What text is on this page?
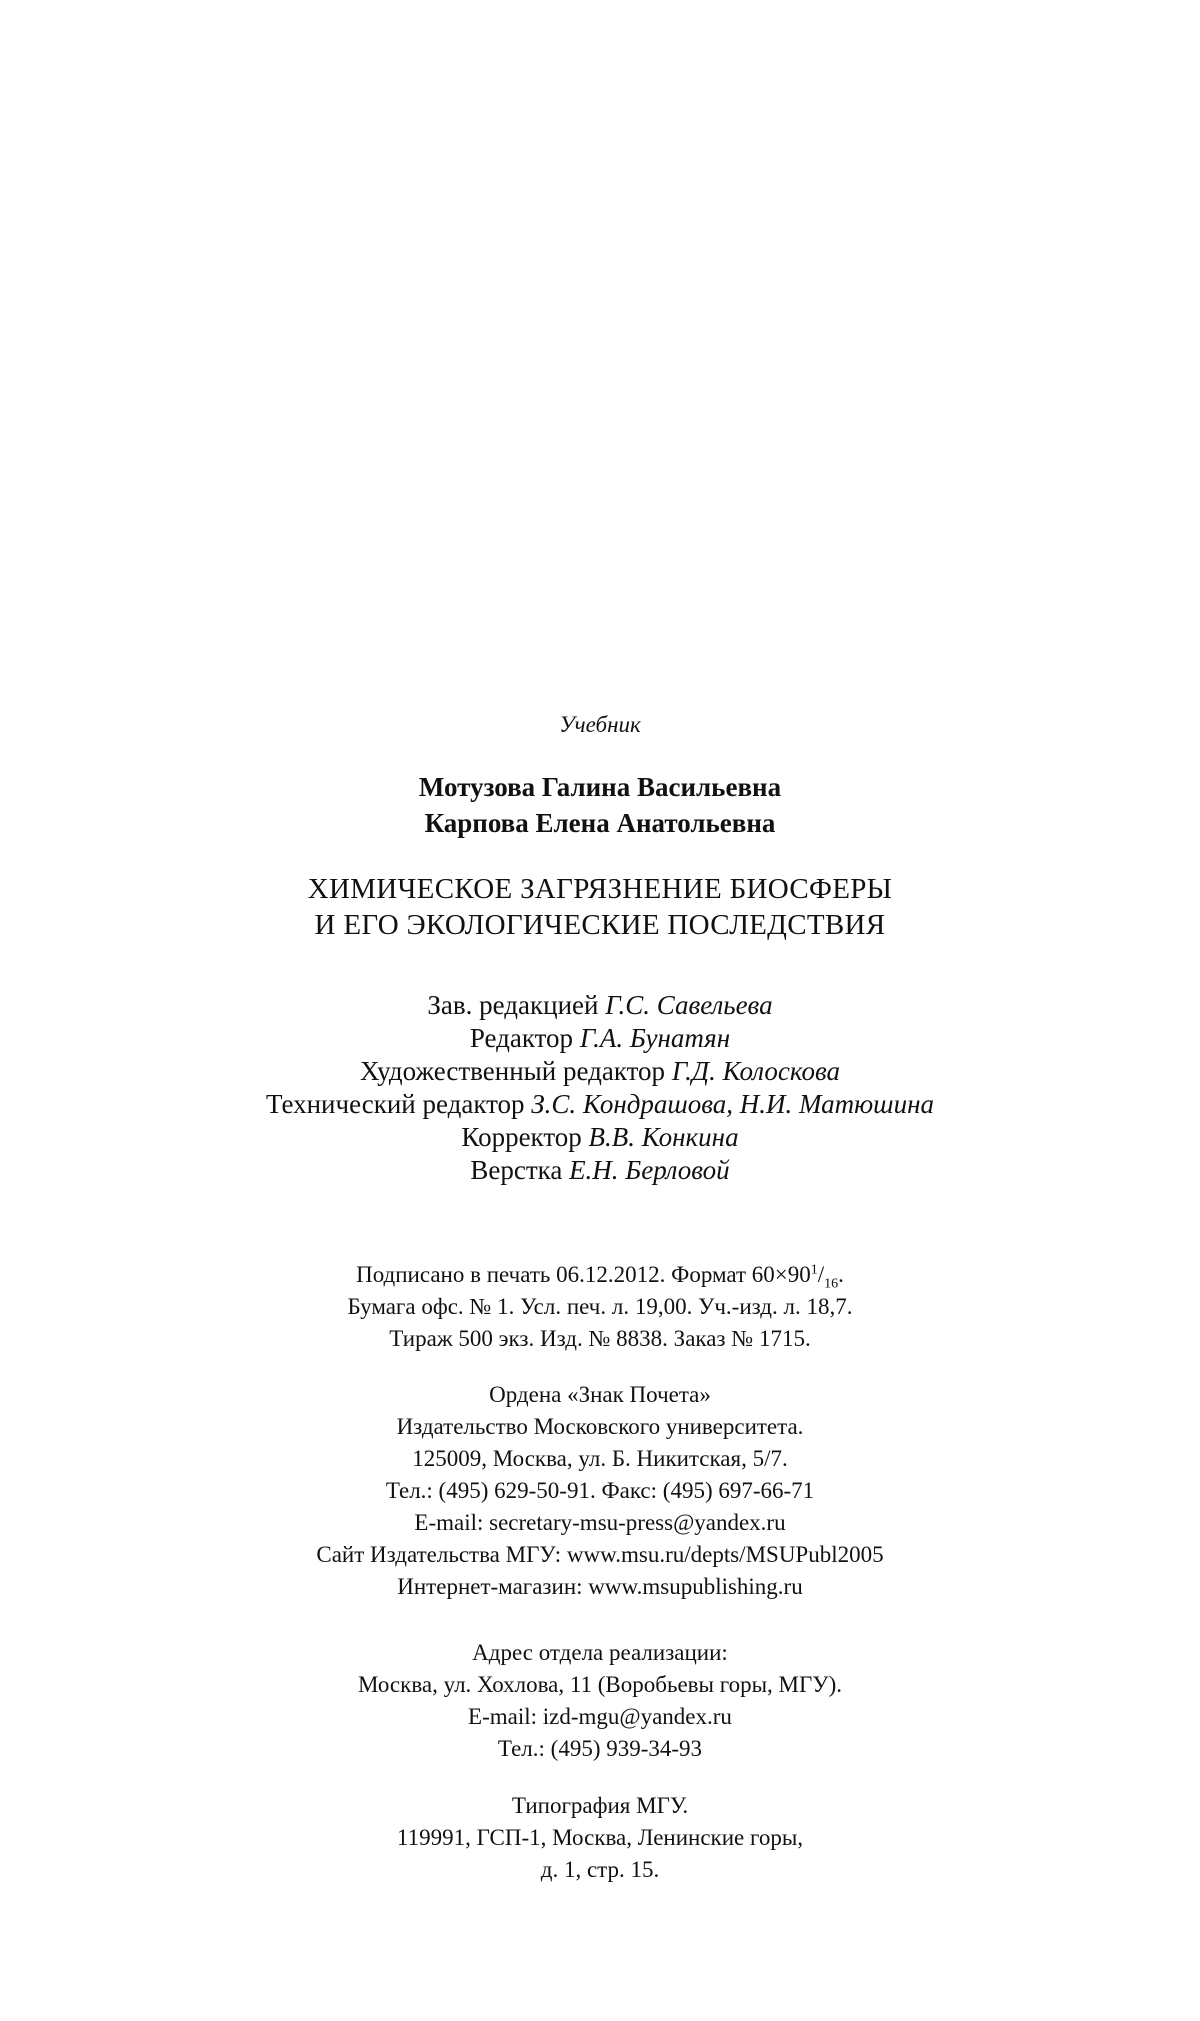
Учебник
Мотузова Галина Васильевна
Карпова Елена Анатольевна
ХИМИЧЕСКОЕ ЗАГРЯЗНЕНИЕ БИОСФЕРЫ
И ЕГО ЭКОЛОГИЧЕСКИЕ ПОСЛЕДСТВИЯ
Зав. редакцией Г.С. Савельева
Редактор Г.А. Бунатян
Художественный редактор Г.Д. Колоскова
Технический редактор З.С. Кондрашова, Н.И. Матюшина
Корректор В.В. Конкина
Верстка Е.Н. Берловой
Подписано в печать 06.12.2012. Формат $60\times 90^1/_{16}$.
Бумага офс. № 1. Усл. печ. л. 19,00. Уч.-изд. л. 18,7.
Тираж 500 экз. Изд. № 8838. Заказ № 1715.
Ордена «Знак Почета»
Издательство Московского университета.
125009, Москва, ул. Б. Никитская, 5/7.
Тел.: (495) 629-50-91. Факс: (495) 697-66-71
E-mail: secretary-msu-press@yandex.ru
Сайт Издательства МГУ: www.msu.ru/depts/MSUPubl2005
Интернет-магазин: www.msupublishing.ru
Адрес отдела реализации:
Москва, ул. Хохлова, 11 (Воробьевы горы, МГУ).
E-mail: izd-mgu@yandex.ru
Тел.: (495) 939-34-93
Типография МГУ.
119991, ГСП-1, Москва, Ленинские горы,
д. 1, стр. 15.
